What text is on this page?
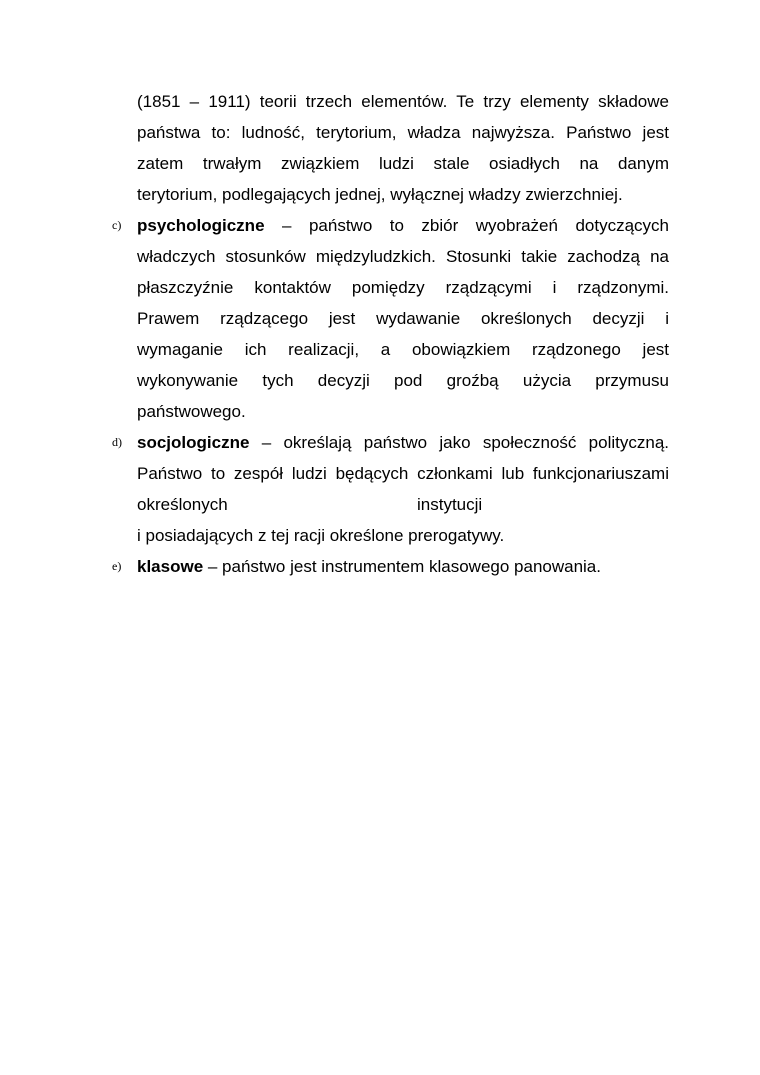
(1851 – 1911) teorii trzech elementów. Te trzy elementy składowe
państwa to: ludność, terytorium, władza najwyższa. Państwo jest
zatem trwałym związkiem ludzi stale osiadłych na danym
terytorium, podlegających jednej, wyłącznej władzy zwierzchniej.
c) psychologiczne – państwo to zbiór wyobrażeń dotyczących
władczych stosunków międzyludzkich. Stosunki takie zachodzą na
płaszczyźnie kontaktów pomiędzy rządzącymi i rządzonymi.
Prawem rządzącego jest wydawanie określonych decyzji i
wymaganie ich realizacji, a obowiązkiem rządzonego jest
wykonywanie tych decyzji pod groźbą użycia przymusu
państwowego.
d) socjologiczne – określają państwo jako społeczność polityczną.
Państwo to zespół ludzi będących członkami lub funkcjonariuszami
określonych	instytucji
i posiadających z tej racji określone prerogatywy.
e) klasowe – państwo jest instrumentem klasowego panowania.
